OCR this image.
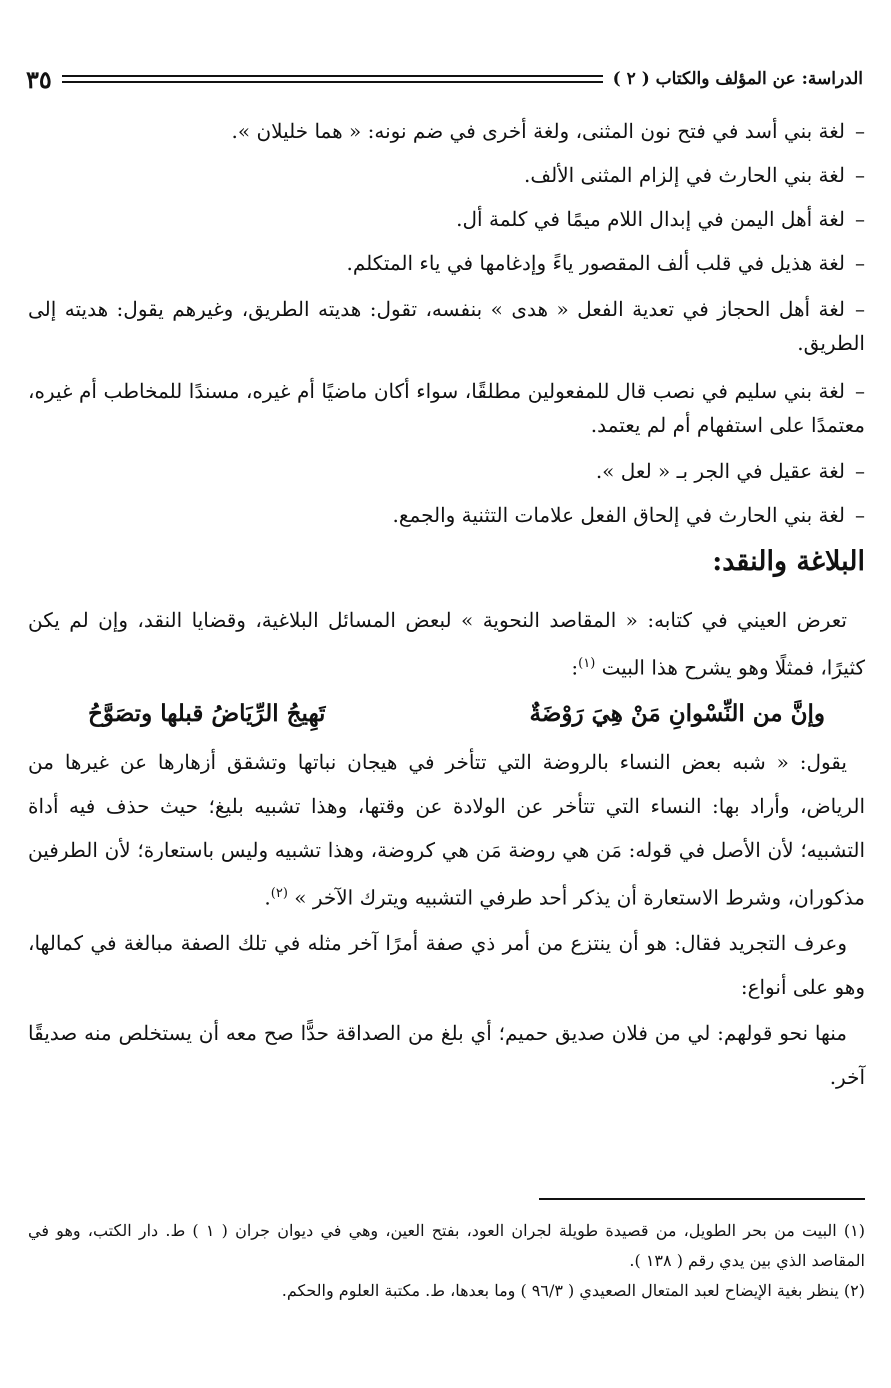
الدراسة: عن المؤلف والكتاب ( ٢ )
٣٥
–لغة بني أسد في فتح نون المثنى، ولغة أخرى في ضم نونه: « هما خليلان ».
–لغة بني الحارث في إلزام المثنى الألف.
–لغة أهل اليمن في إبدال اللام ميمًا في كلمة أل.
–لغة هذيل في قلب ألف المقصور ياءً وإدغامها في ياء المتكلم.
–لغة أهل الحجاز في تعدية الفعل « هدى » بنفسه، تقول: هديته الطريق، وغيرهم يقول: هديته إلى الطريق.
–لغة بني سليم في نصب قال للمفعولين مطلقًا، سواء أكان ماضيًا أم غيره، مسندًا للمخاطب أم غيره، معتمدًا على استفهام أم لم يعتمد.
–لغة عقيل في الجر بـ « لعل ».
–لغة بني الحارث في إلحاق الفعل علامات التثنية والجمع.
البلاغة والنقد:

تعرض العيني في كتابه: « المقاصد النحوية » لبعض المسائل البلاغية، وقضايا النقد، وإن لم يكن كثيرًا، فمثلًا وهو يشرح هذا البيت $^{(١)}$:

وإنَّ من النِّسْوانِ مَنْ هِيَ رَوْضَةٌ
تَهِيجُ الرِّيَاضُ قبلها وتصَوَّحُ

يقول: « شبه بعض النساء بالروضة التي تتأخر في هيجان نباتها وتشقق أزهارها عن غيرها من الرياض، وأراد بها: النساء التي تتأخر عن الولادة عن وقتها، وهذا تشبيه بليغ؛ حيث حذف فيه أداة التشبيه؛ لأن الأصل في قوله: مَن هي روضة مَن هي كروضة، وهذا تشبيه وليس باستعارة؛ لأن الطرفين مذكوران، وشرط الاستعارة أن يذكر أحد طرفي التشبيه ويترك الآخر » $^{(٢)}$.

وعرف التجريد فقال: هو أن ينتزع من أمر ذي صفة أمرًا آخر مثله في تلك الصفة مبالغة في كمالها، وهو على أنواع:

منها نحو قولهم: لي من فلان صديق حميم؛ أي بلغ من الصداقة حدًّا صح معه أن يستخلص منه صديقًا آخر.

(١) البيت من بحر الطويل، من قصيدة طويلة لجران العود، بفتح العين، وهي في ديوان جران ( ١ ) ط. دار الكتب، وهو في المقاصد الذي بين يدي رقم ( ١٣٨ ).

(٢) ينظر بغية الإيضاح لعبد المتعال الصعيدي ( ٩٦/٣ ) وما بعدها، ط. مكتبة العلوم والحكم.
